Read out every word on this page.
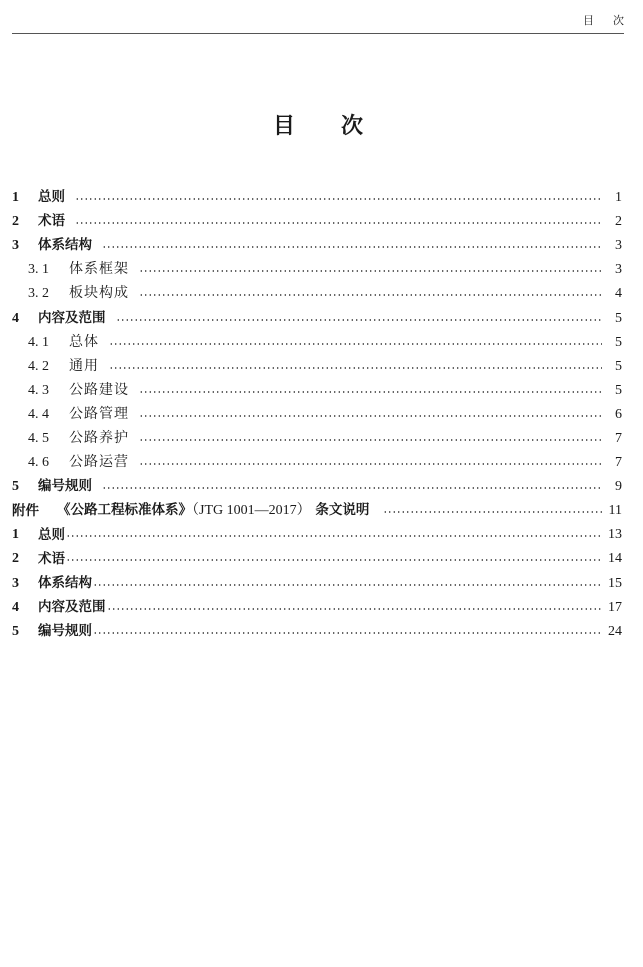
目次
目 次
1	总则	1
2	术语	2
3	体系结构	3
3. 1	体系框架	3
3. 2	板块构成	4
4	内容及范围	5
4. 1	总体	5
4. 2	通用	5
4. 3	公路建设	5
4. 4	公路管理	6
4. 5	公路养护	7
4. 6	公路运营	7
5	编号规则	9
附件 《公路工程标准体系》（JTG 1001—2017） 条文说明	11
1	总则	13
2	术语	14
3	体系结构	15
4	内容及范围	17
5	编号规则	24
